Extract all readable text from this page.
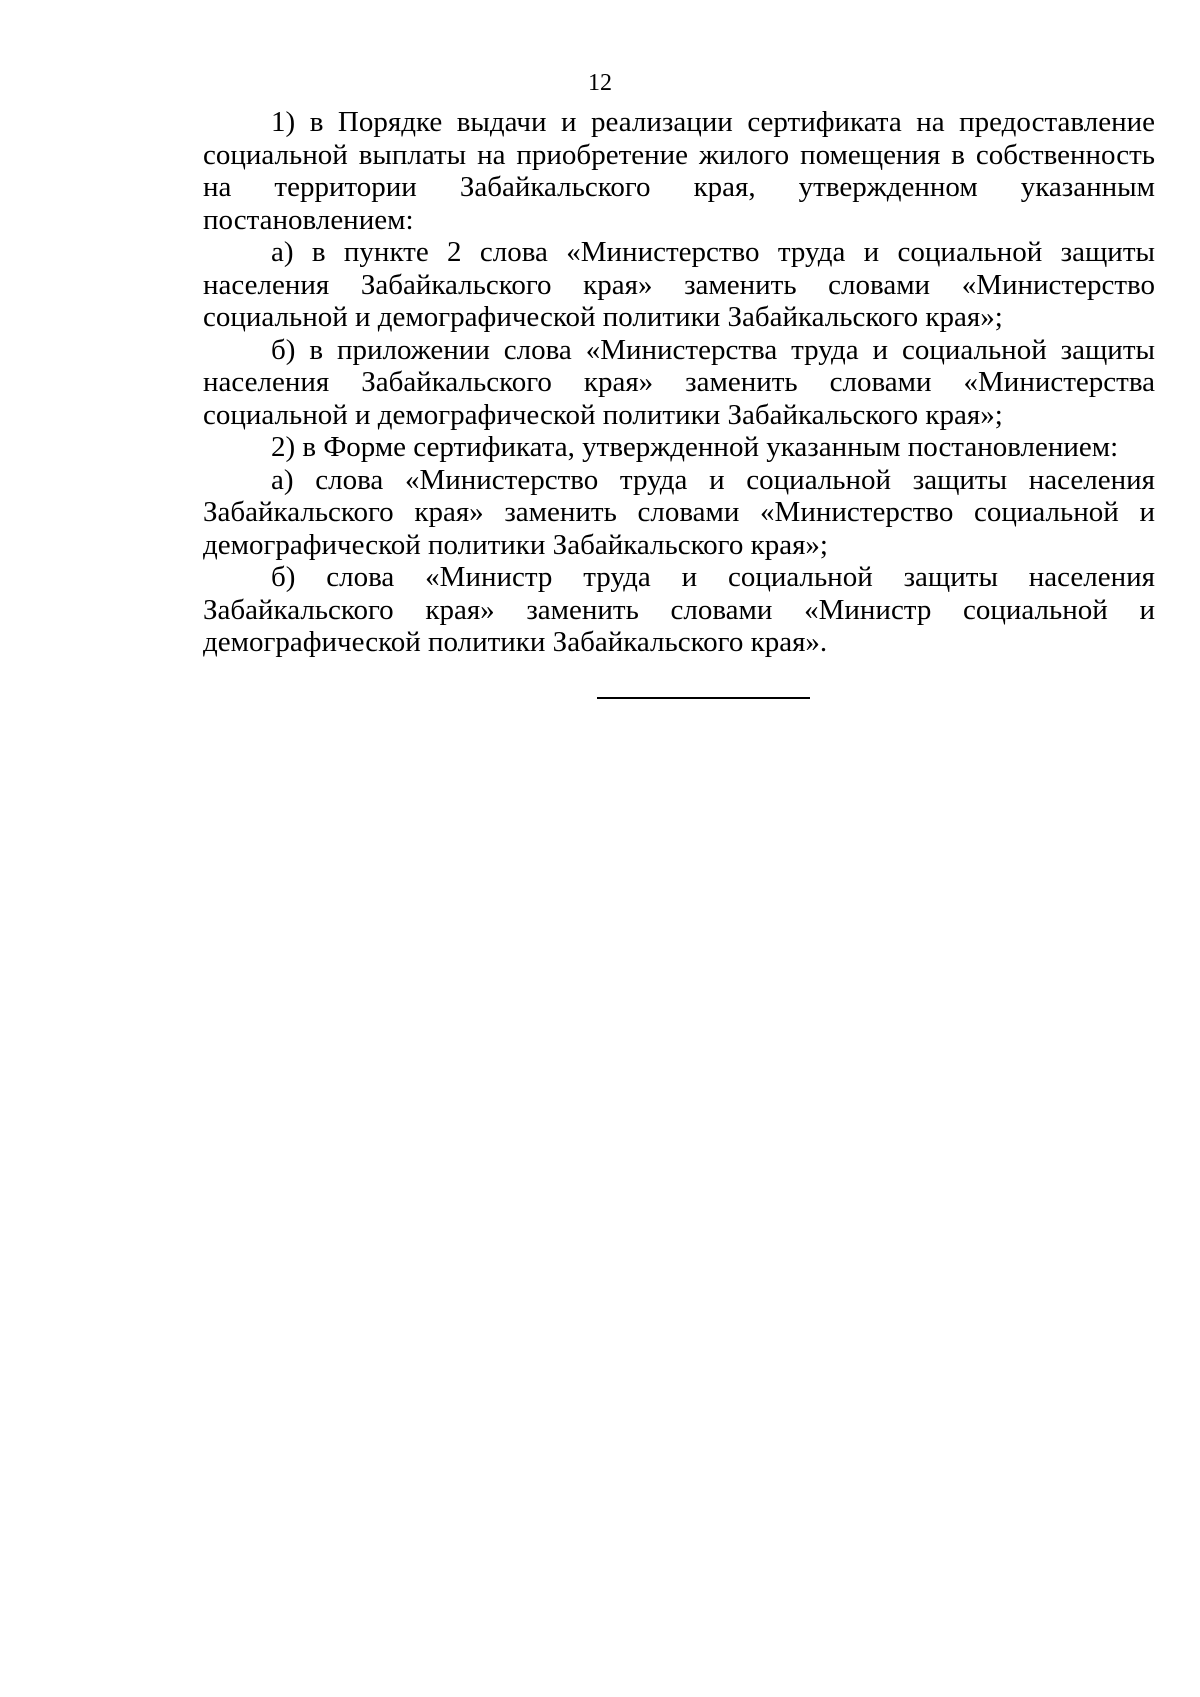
12

1) в Порядке выдачи и реализации сертификата на предоставление социальной выплаты на приобретение жилого помещения в собственность на территории Забайкальского края, утвержденном указанным постановлением:

а) в пункте 2 слова «Министерство труда и социальной защиты населения Забайкальского края» заменить словами «Министерство социальной и демографической политики Забайкальского края»;

б) в приложении слова «Министерства труда и социальной защиты населения Забайкальского края» заменить словами «Министерства социальной и демографической политики Забайкальского края»;

2) в Форме сертификата, утвержденной указанным постановлением:

а) слова «Министерство труда и социальной защиты населения Забайкальского края» заменить словами «Министерство социальной и демографической политики Забайкальского края»;

б) слова «Министр труда и социальной защиты населения Забайкальского края» заменить словами «Министр социальной и демографической политики Забайкальского края».
